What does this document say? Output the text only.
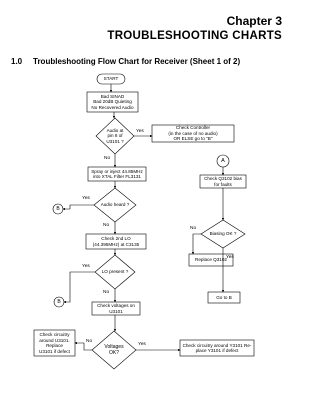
Chapter 3
TROUBLESHOOTING CHARTS
1.0 Troubleshooting Flow Chart for Receiver (Sheet 1 of 2)
START
Bad SINAD
Bad 20dB Quieting
No Recovered Audio
Audio at
pin 8 of
U3101 ?
Check Controller
(in the case of no audio)
OR ELSE go to "B"
Spray or inject 44.85MHz
into XTAL Filter FL3131
Audio heard ?
Check 2nd LO
(44.395MHz) at C3135
LO present ?
Check voltages on
U3101
Voltages
OK?
Check circuitry
around U3101.
Replace
U3101 if defect
Check circuitry around Y3101 Re-
place Y3101 if defect
A
Check Q3102 bias
for faults
Biasing OK ?
Replace Q3102
Go to B
B
B
Yes
No
Yes
No
Yes
No
No
Yes
No
Yes
